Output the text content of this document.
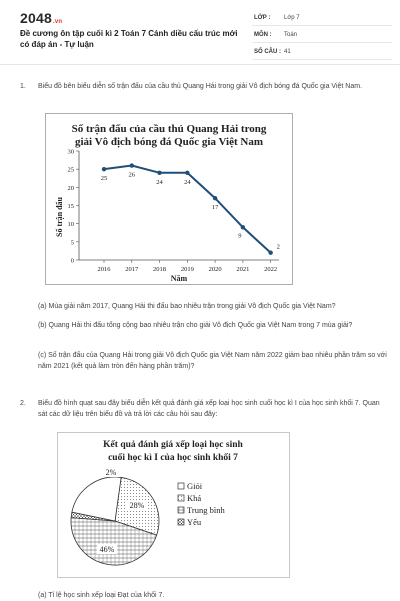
2048.vn
Đề cương ôn tập cuối kì 2 Toán 7 Cánh diều cấu trúc mới có đáp án - Tự luận
LỚP : Lớp 7
MÔN : Toán
SỐ CÂU : 41
1. Biểu đồ bên biểu diễn số trận đấu của cầu thủ Quang Hải trong giải Vô địch bóng đá Quốc gia Việt Nam.
Số trận đấu của cầu thủ Quang Hải trong
giải Vô địch bóng đá Quốc gia Việt Nam
Số trận đấu
Năm
0
5
10
15
20
25
30
2016 2017 2018 2019 2020 2021 2022
25
26
24	24
17
9
2
(a) Mùa giải năm 2017, Quang Hải thi đấu bao nhiêu trận trong giải Vô địch Quốc gia Việt Nam?
(b) Quang Hải thi đấu tổng cộng bao nhiêu trận cho giải Vô địch Quốc gia Việt Nam trong 7 mùa giải?
(c) Số trận đấu của Quang Hải trong giải Vô địch Quốc gia Việt Nam năm 2022 giảm bao nhiêu phần trăm so với năm 2021 (kết quả làm tròn đến hàng phần trăm)?
2. Biểu đồ hình quạt sau đây biểu diễn kết quả đánh giá xếp loại học sinh cuối học kì I của học sinh khối 7. Quan sát các dữ liệu trên biểu đồ và trả lời các câu hỏi sau đây:
Kết quả đánh giá xếp loại học sinh
cuối học kì I của học sinh khối 7
28%
46%
2%
Giỏi
Khá
Trung bình
Yếu
(a) Tỉ lệ học sinh xếp loại Đạt của khối 7.
